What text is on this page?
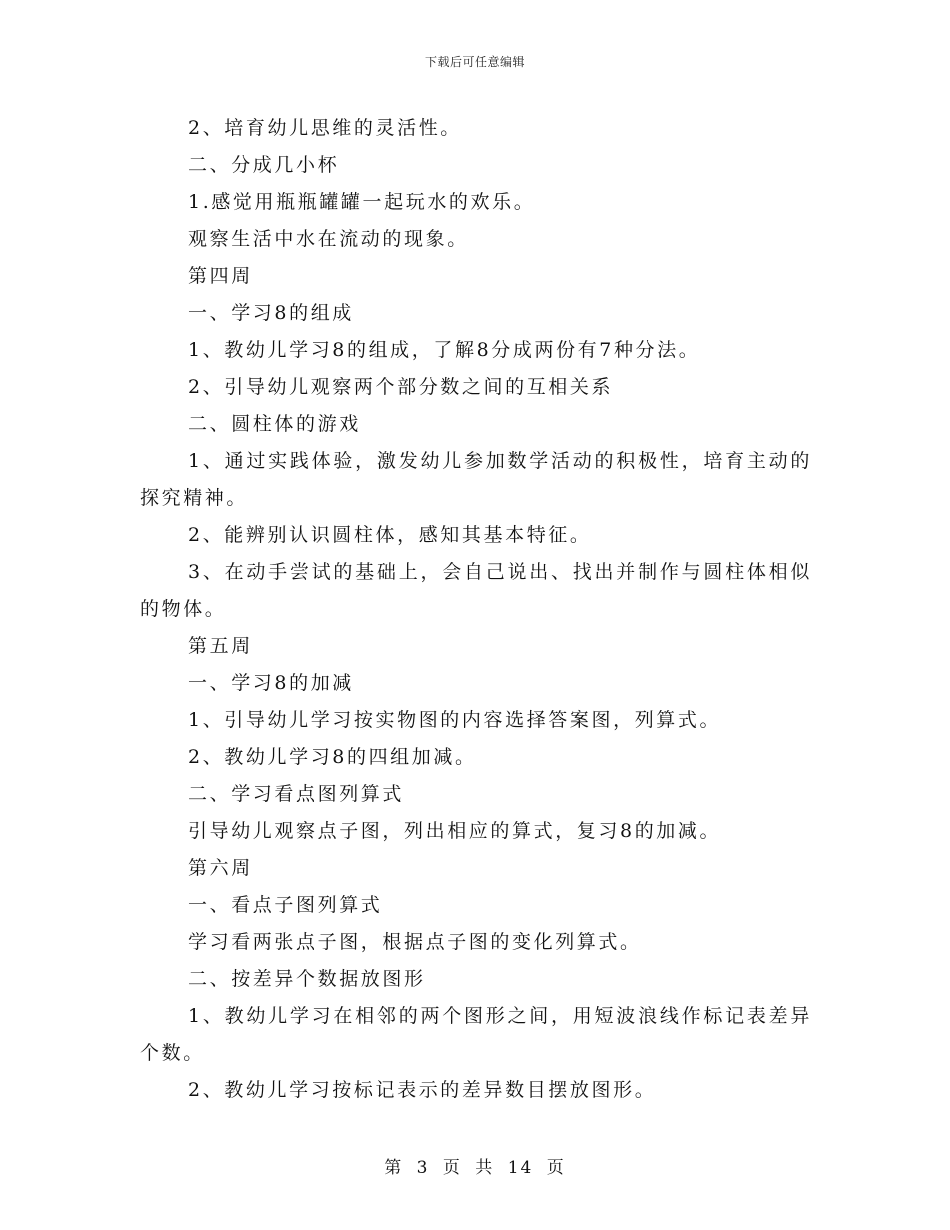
下载后可任意编辑
2、培育幼儿思维的灵活性。
二、分成几小杯
1.感觉用瓶瓶罐罐一起玩水的欢乐。
观察生活中水在流动的现象。
第四周
一、学习8的组成
1、教幼儿学习8的组成，了解8分成两份有7种分法。
2、引导幼儿观察两个部分数之间的互相关系
二、圆柱体的游戏
1、通过实践体验，激发幼儿参加数学活动的积极性，培育主动的探究精神。
2、能辨别认识圆柱体，感知其基本特征。
3、在动手尝试的基础上，会自己说出、找出并制作与圆柱体相似的物体。
第五周
一、学习8的加减
1、引导幼儿学习按实物图的内容选择答案图，列算式。
2、教幼儿学习8的四组加减。
二、学习看点图列算式
引导幼儿观察点子图，列出相应的算式，复习8的加减。
第六周
一、看点子图列算式
学习看两张点子图，根据点子图的变化列算式。
二、按差异个数据放图形
1、教幼儿学习在相邻的两个图形之间，用短波浪线作标记表差异个数。
2、教幼儿学习按标记表示的差异数目摆放图形。
第 3 页 共 14 页
